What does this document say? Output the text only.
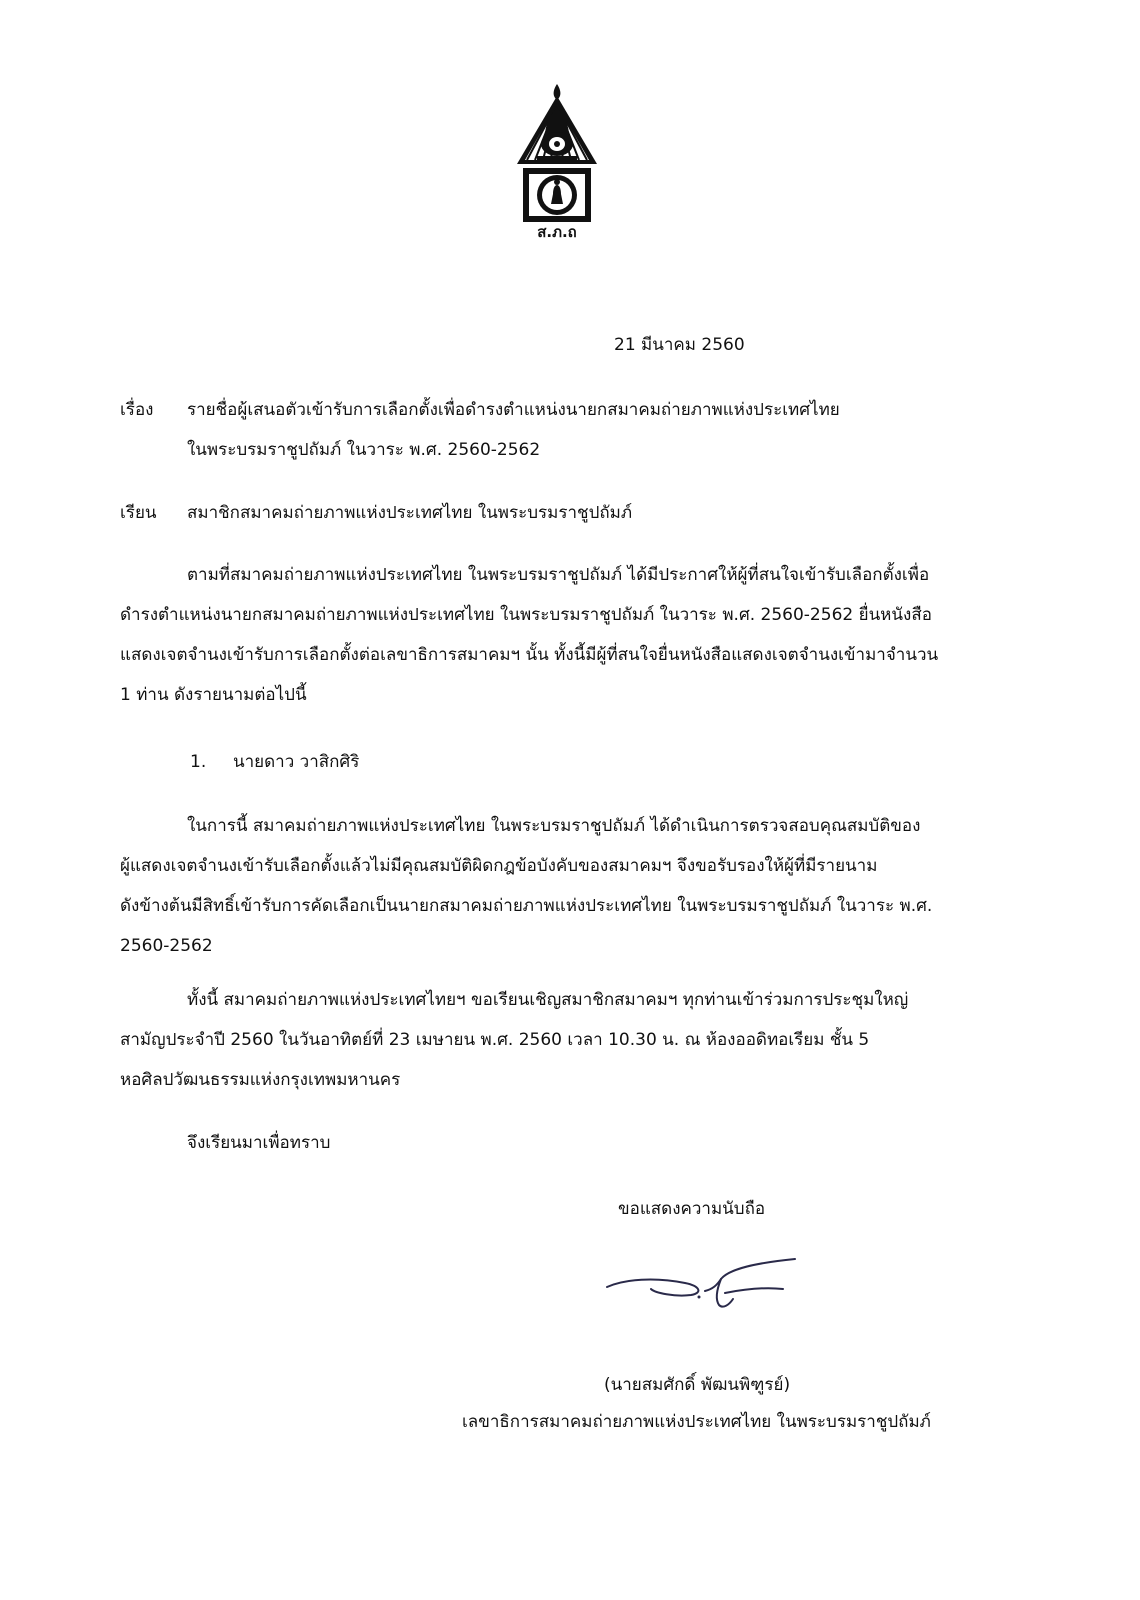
ส.ภ.ถ
21 มีนาคม 2560
เรื่อง รายชื่อผู้เสนอตัวเข้ารับการเลือกตั้งเพื่อดำรงตำแหน่งนายกสมาคมถ่ายภาพแห่งประเทศไทย
ในพระบรมราชูปถัมภ์ ในวาระ พ.ศ. 2560-2562
เรียน สมาชิกสมาคมถ่ายภาพแห่งประเทศไทย ในพระบรมราชูปถัมภ์
ตามที่สมาคมถ่ายภาพแห่งประเทศไทย ในพระบรมราชูปถัมภ์ ได้มีประกาศให้ผู้ที่สนใจเข้ารับเลือกตั้งเพื่อ
ดำรงตำแหน่งนายกสมาคมถ่ายภาพแห่งประเทศไทย ในพระบรมราชูปถัมภ์ ในวาระ พ.ศ. 2560-2562 ยื่นหนังสือ
แสดงเจตจำนงเข้ารับการเลือกตั้งต่อเลขาธิการสมาคมฯ นั้น ทั้งนี้มีผู้ที่สนใจยื่นหนังสือแสดงเจตจำนงเข้ามาจำนวน
1 ท่าน ดังรายนามต่อไปนี้
1. นายดาว วาสิกศิริ
ในการนี้ สมาคมถ่ายภาพแห่งประเทศไทย ในพระบรมราชูปถัมภ์ ได้ดำเนินการตรวจสอบคุณสมบัติของ
ผู้แสดงเจตจำนงเข้ารับเลือกตั้งแล้วไม่มีคุณสมบัติผิดกฎข้อบังคับของสมาคมฯ จึงขอรับรองให้ผู้ที่มีรายนาม
ดังข้างต้นมีสิทธิ์เข้ารับการคัดเลือกเป็นนายกสมาคมถ่ายภาพแห่งประเทศไทย ในพระบรมราชูปถัมภ์ ในวาระ พ.ศ.
2560-2562
ทั้งนี้ สมาคมถ่ายภาพแห่งประเทศไทยฯ ขอเรียนเชิญสมาชิกสมาคมฯ ทุกท่านเข้าร่วมการประชุมใหญ่
สามัญประจำปี 2560 ในวันอาทิตย์ที่ 23 เมษายน พ.ศ. 2560 เวลา 10.30 น. ณ ห้องออดิทอเรียม ชั้น 5
หอศิลปวัฒนธรรมแห่งกรุงเทพมหานคร
จึงเรียนมาเพื่อทราบ
ขอแสดงความนับถือ
(นายสมศักดิ์ พัฒนพิฑูรย์)
เลขาธิการสมาคมถ่ายภาพแห่งประเทศไทย ในพระบรมราชูปถัมภ์
